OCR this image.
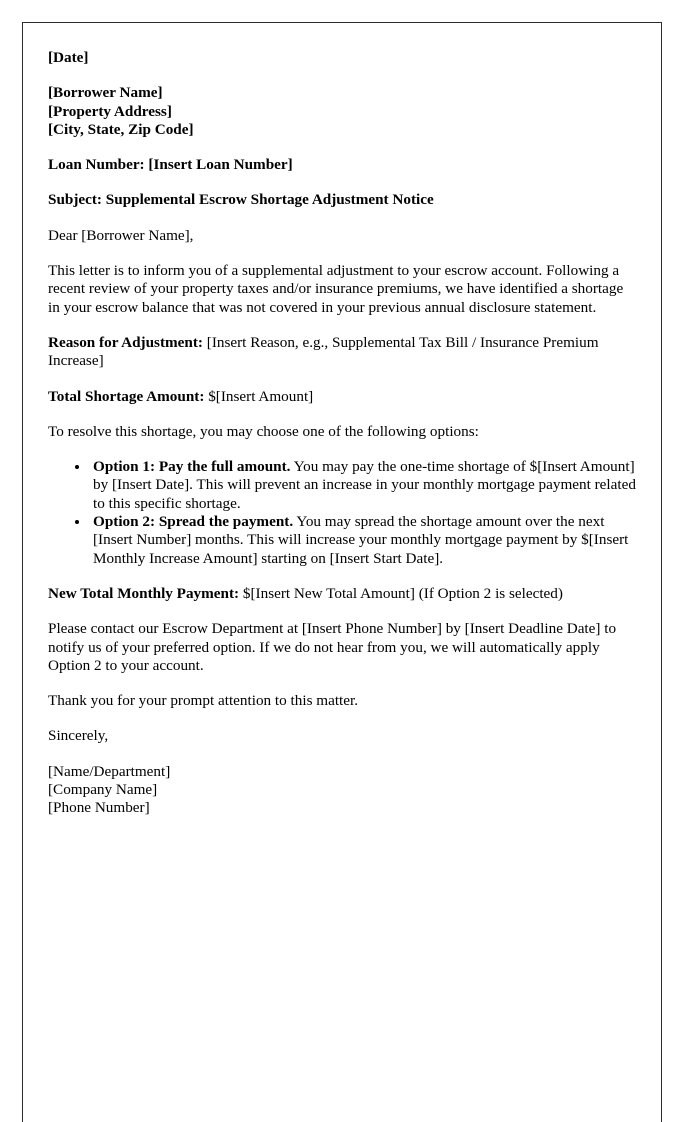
[Date]

[Borrower Name]
[Property Address]
[City, State, Zip Code]

Loan Number: [Insert Loan Number]

Subject: Supplemental Escrow Shortage Adjustment Notice

Dear [Borrower Name],

This letter is to inform you of a supplemental adjustment to your escrow account. Following a recent review of your property taxes and/or insurance premiums, we have identified a shortage in your escrow balance that was not covered in your previous annual disclosure statement.

Reason for Adjustment: [Insert Reason, e.g., Supplemental Tax Bill / Insurance Premium Increase]

Total Shortage Amount: $[Insert Amount]

To resolve this shortage, you may choose one of the following options:

• Option 1: Pay the full amount. You may pay the one-time shortage of $[Insert Amount] by [Insert Date]. This will prevent an increase in your monthly mortgage payment related to this specific shortage.
• Option 2: Spread the payment. You may spread the shortage amount over the next [Insert Number] months. This will increase your monthly mortgage payment by $[Insert Monthly Increase Amount] starting on [Insert Start Date].

New Total Monthly Payment: $[Insert New Total Amount] (If Option 2 is selected)

Please contact our Escrow Department at [Insert Phone Number] by [Insert Deadline Date] to notify us of your preferred option. If we do not hear from you, we will automatically apply Option 2 to your account.

Thank you for your prompt attention to this matter.

Sincerely,

[Name/Department]
[Company Name]
[Phone Number]
